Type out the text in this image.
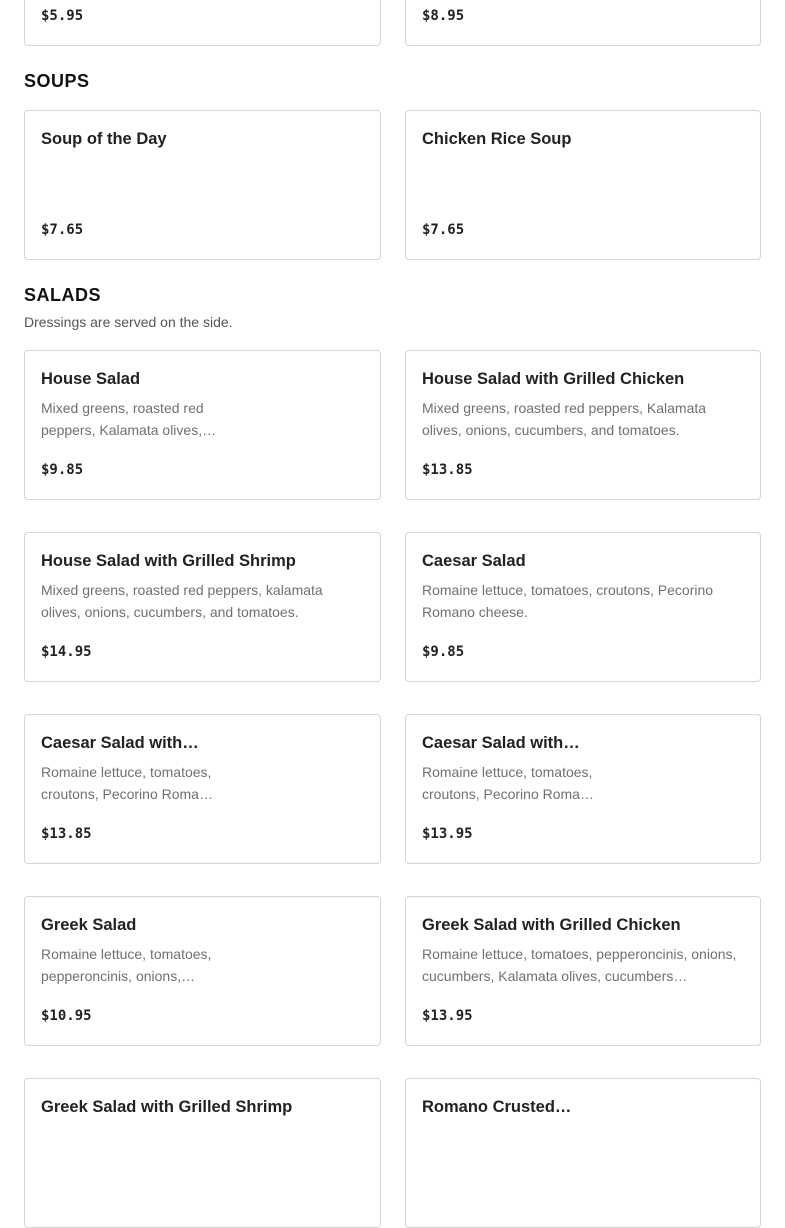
$5.95	$8.95
SOUPS
Soup of the Day
$7.65
Chicken Rice Soup
$7.65
SALADS
Dressings are served on the side.
House Salad
Mixed greens, roasted red peppers, Kalamata olives,…
$9.85
House Salad with Grilled Chicken
Mixed greens, roasted red peppers, Kalamata olives, onions, cucumbers, and tomatoes.
$13.85
House Salad with Grilled Shrimp
Mixed greens, roasted red peppers, kalamata olives, onions, cucumbers, and tomatoes.
$14.95
Caesar Salad
Romaine lettuce, tomatoes, croutons, Pecorino Romano cheese.
$9.85
Caesar Salad with…
Romaine lettuce, tomatoes, croutons, Pecorino Roma…
$13.85
Caesar Salad with…
Romaine lettuce, tomatoes, croutons, Pecorino Roma…
$13.95
Greek Salad
Romaine lettuce, tomatoes, pepperoncinis, onions,…
$10.95
Greek Salad with Grilled Chicken
Romaine lettuce, tomatoes, pepperoncinis, onions, cucumbers, Kalamata olives, cucumbers…
$13.95
Greek Salad with Grilled Shrimp	Romano Crusted…
